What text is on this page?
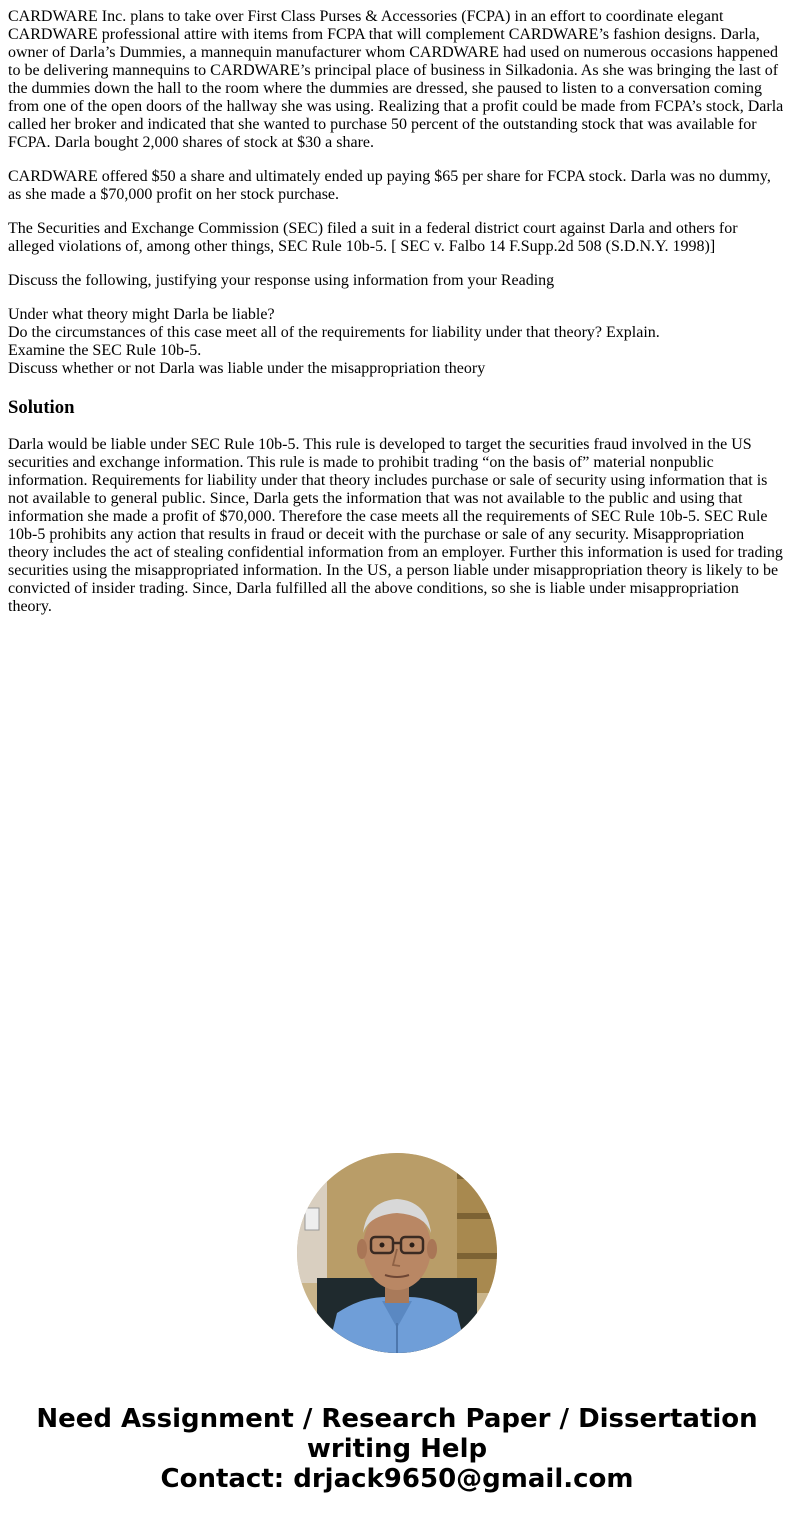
CARDWARE Inc. plans to take over First Class Purses & Accessories (FCPA) in an effort to coordinate elegant CARDWARE professional attire with items from FCPA that will complement CARDWARE’s fashion designs. Darla, owner of Darla’s Dummies, a mannequin manufacturer whom CARDWARE had used on numerous occasions happened to be delivering mannequins to CARDWARE’s principal place of business in Silkadonia. As she was bringing the last of the dummies down the hall to the room where the dummies are dressed, she paused to listen to a conversation coming from one of the open doors of the hallway she was using. Realizing that a profit could be made from FCPA’s stock, Darla called her broker and indicated that she wanted to purchase 50 percent of the outstanding stock that was available for FCPA. Darla bought 2,000 shares of stock at $30 a share.

CARDWARE offered $50 a share and ultimately ended up paying $65 per share for FCPA stock. Darla was no dummy, as she made a $70,000 profit on her stock purchase.

The Securities and Exchange Commission (SEC) filed a suit in a federal district court against Darla and others for alleged violations of, among other things, SEC Rule 10b-5. [ SEC v. Falbo 14 F.Supp.2d 508 (S.D.N.Y. 1998)]

Discuss the following, justifying your response using information from your Reading

Under what theory might Darla be liable?
Do the circumstances of this case meet all of the requirements for liability under that theory? Explain.
Examine the SEC Rule 10b-5.
Discuss whether or not Darla was liable under the misappropriation theory
Solution

Darla would be liable under SEC Rule 10b-5. This rule is developed to target the securities fraud involved in the US securities and exchange information. This rule is made to prohibit trading “on the basis of” material nonpublic information. Requirements for liability under that theory includes purchase or sale of security using information that is not available to general public. Since, Darla gets the information that was not available to the public and using that information she made a profit of $70,000. Therefore the case meets all the requirements of SEC Rule 10b-5. SEC Rule 10b-5 prohibits any action that results in fraud or deceit with the purchase or sale of any security. Misappropriation theory includes the act of stealing confidential information from an employer. Further this information is used for trading securities using the misappropriated information. In the US, a person liable under misappropriation theory is likely to be convicted of insider trading. Since, Darla fulfilled all the above conditions, so she is liable under misappropriation theory.

Need Assignment / Research Paper / Dissertation writing Help
Contact: drjack9650@gmail.com
